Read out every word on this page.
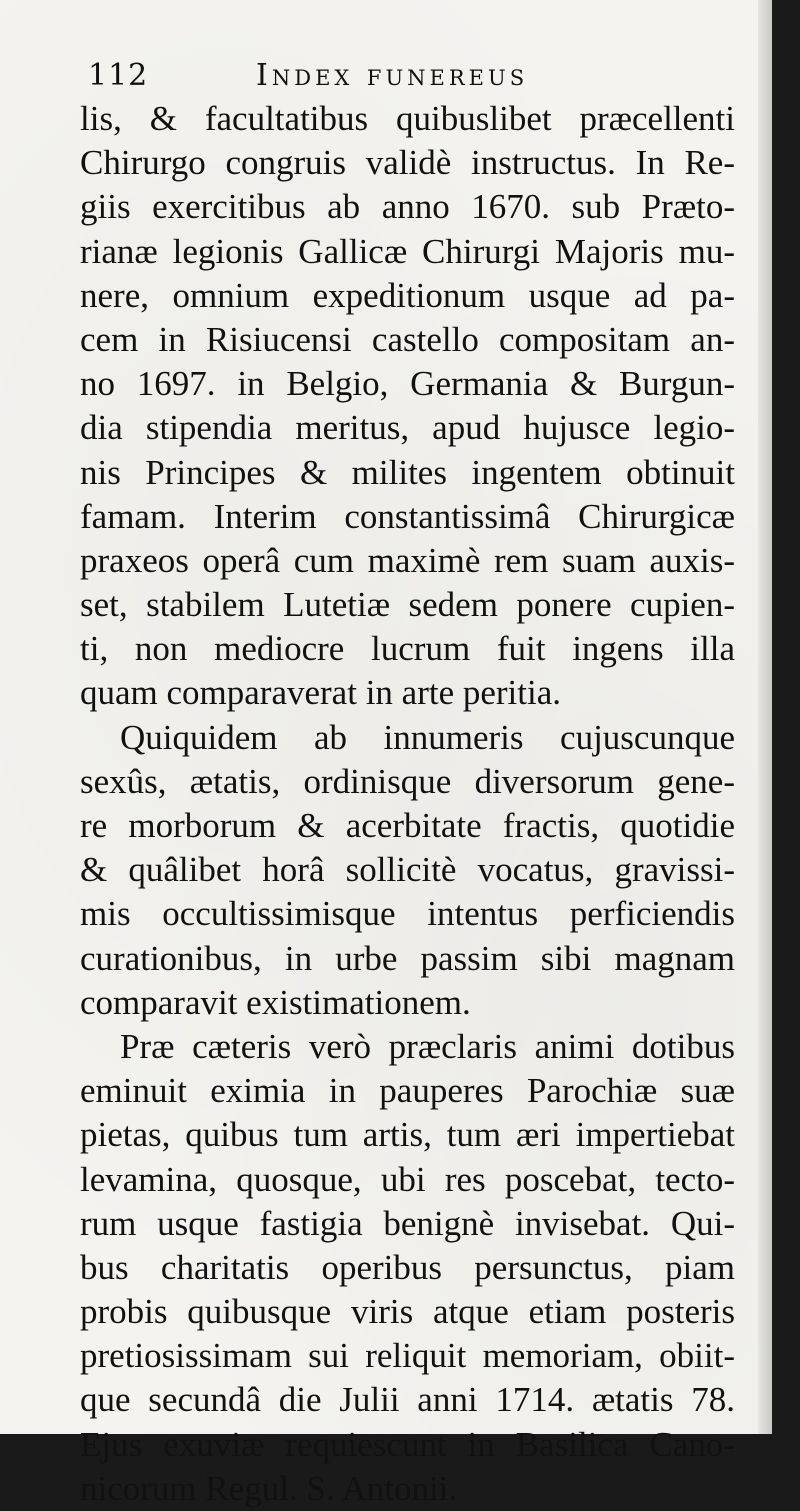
112	Index funereus
lis, & facultatibus quibuslibet præcellenti
Chirurgo congruis validè instructus. In Re-
giis exercitibus ab anno 1670. sub Præto-
rianæ legionis Gallicæ Chirurgi Majoris mu-
nere, omnium expeditionum usque ad pa-
cem in Risiucensi castello compositam an-
no 1697. in Belgio, Germania & Burgun-
dia stipendia meritus, apud hujusce legio-
nis Principes & milites ingentem obtinuit
famam. Interim constantissimâ Chirurgicæ
praxeos operâ cum maximè rem suam auxis-
set, stabilem Lutetiæ sedem ponere cupien-
ti, non mediocre lucrum fuit ingens illa
quam comparaverat in arte peritia.
Quiquidem ab innumeris cujuscunque
sexûs, ætatis, ordinisque diversorum gene-
re morborum & acerbitate fractis, quotidie
& quâlibet horâ sollicitè vocatus, gravissi-
mis occultissimisque intentus perficiendis
curationibus, in urbe passim sibi magnam
comparavit existimationem.
Præ cæteris verò præclaris animi dotibus
eminuit eximia in pauperes Parochiæ suæ
pietas, quibus tum artis, tum æri impertiebat
levamina, quosque, ubi res poscebat, tecto-
rum usque fastigia benignè invisebat. Qui-
bus charitatis operibus persunctus, piam
probis quibusque viris atque etiam posteris
pretiosissimam sui reliquit memoriam, obiit-
que secundâ die Julii anni 1714. ætatis 78.
Ejus exuviæ requiescunt in Basilica Cano-
nicorum Regul. S. Antonii.
